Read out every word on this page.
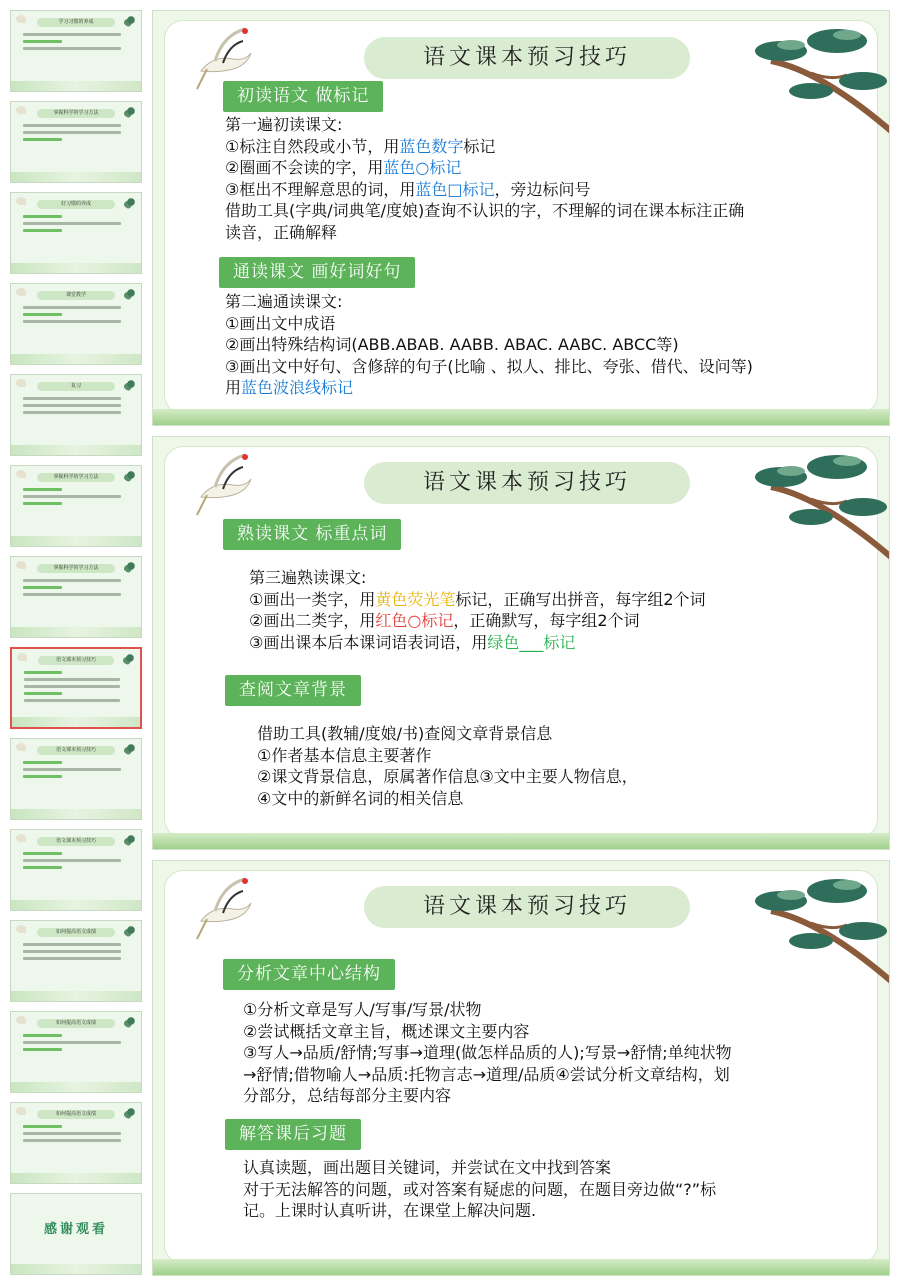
学习习惯的养成
掌握科学的学习方法
好习惯的养成
课堂教学
复习
掌握科学的学习方法
掌握科学的学习方法
语文课本预习技巧
语文课本预习技巧
语文课本预习技巧
如何提高语文成绩
如何提高语文成绩
如何提高语文成绩
感谢观看
语文课本预习技巧
初读语文 做标记
第一遍初读课文:
①标注自然段或小节，用蓝色数字标记
②圈画不会读的字，用蓝色○标记
③框出不理解意思的词，用蓝色□标记，旁边标问号
借助工具(字典/词典笔/度娘)查询不认识的字，不理解的词在课本标注正确
读音，正确解释
通读课文 画好词好句
第二遍通读课文:
①画出文中成语
②画出特殊结构词(ABB.ABAB. AABB. ABAC. AABC. ABCC等)
③画出文中好句、含修辞的句子(比喻 、拟人、排比、夸张、借代、设问等)
用蓝色波浪线标记
语文课本预习技巧
熟读课文 标重点词
第三遍熟读课文:
①画出一类字，用黄色荧光笔标记，正确写出拼音，每字组2个词
②画出二类字，用红色○标记，正确默写，每字组2个词
③画出课本后本课词语表词语，用绿色___标记
查阅文章背景
借助工具(教辅/度娘/书)查阅文章背景信息
①作者基本信息主要著作
②课文背景信息，原属著作信息③文中主要人物信息，
④文中的新鲜名词的相关信息
语文课本预习技巧
分析文章中心结构
①分析文章是写人/写事/写景/状物
②尝试概括文章主旨，概述课文主要内容
③写人→品质/舒情;写事→道理(做怎样品质的人);写景→舒情;单纯状物
→舒情;借物喻人→品质:托物言志→道理/品质④尝试分析文章结构，划
分部分，总结每部分主要内容
解答课后习题
认真读题，画出题目关键词，并尝试在文中找到答案
对于无法解答的问题，或对答案有疑虑的问题，在题目旁边做“?”标
记。上课时认真听讲，在课堂上解决问题.
